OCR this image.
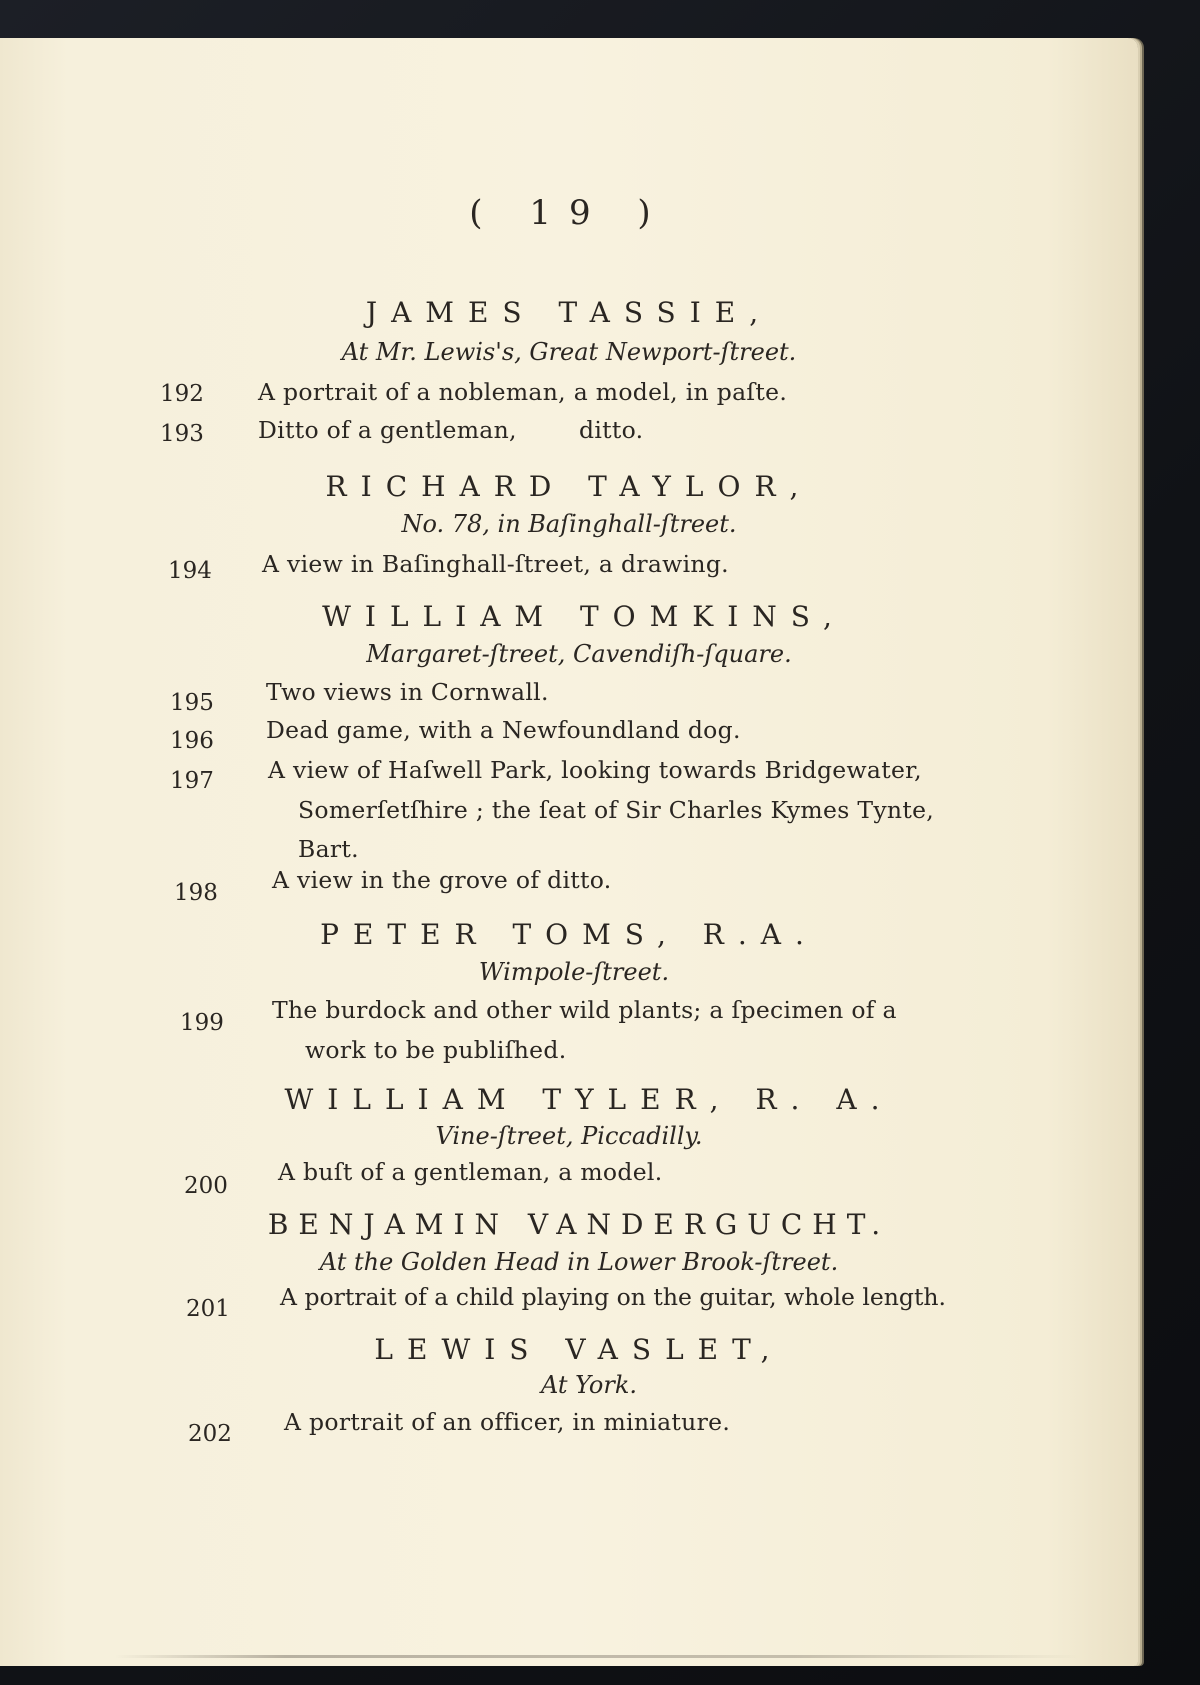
( 19 )
JAMES TASSIE,
At Mr. Lewis's, Great Newport-ſtreet.
192	A portrait of a nobleman, a model, in paſte.
193	Ditto of a gentleman,        ditto.
RICHARD TAYLOR,
No. 78, in Baſinghall-ſtreet.
194	A view in Baſinghall-ſtreet, a drawing.
WILLIAM TOMKINS,
Margaret-ſtreet, Cavendiſh-ſquare.
195	Two views in Cornwall.
196	Dead game, with a Newfoundland dog.
197	A view of Haſwell Park, looking towards Bridgewater,
Somerſetſhire ; the ſeat of Sir Charles Kymes Tynte,
Bart.
198	A view in the grove of ditto.
PETER TOMS, R.A.
Wimpole-ſtreet.
199	The burdock and other wild plants; a ſpecimen of a
work to be publiſhed.
WILLIAM TYLER, R. A.
Vine-ſtreet, Piccadilly.
200	A buſt of a gentleman, a model.
BENJAMIN VANDERGUCHT.
At the Golden Head in Lower Brook-ſtreet.
201	A portrait of a child playing on the guitar, whole length.
LEWIS VASLET,
At York.
202	A portrait of an officer, in miniature.
